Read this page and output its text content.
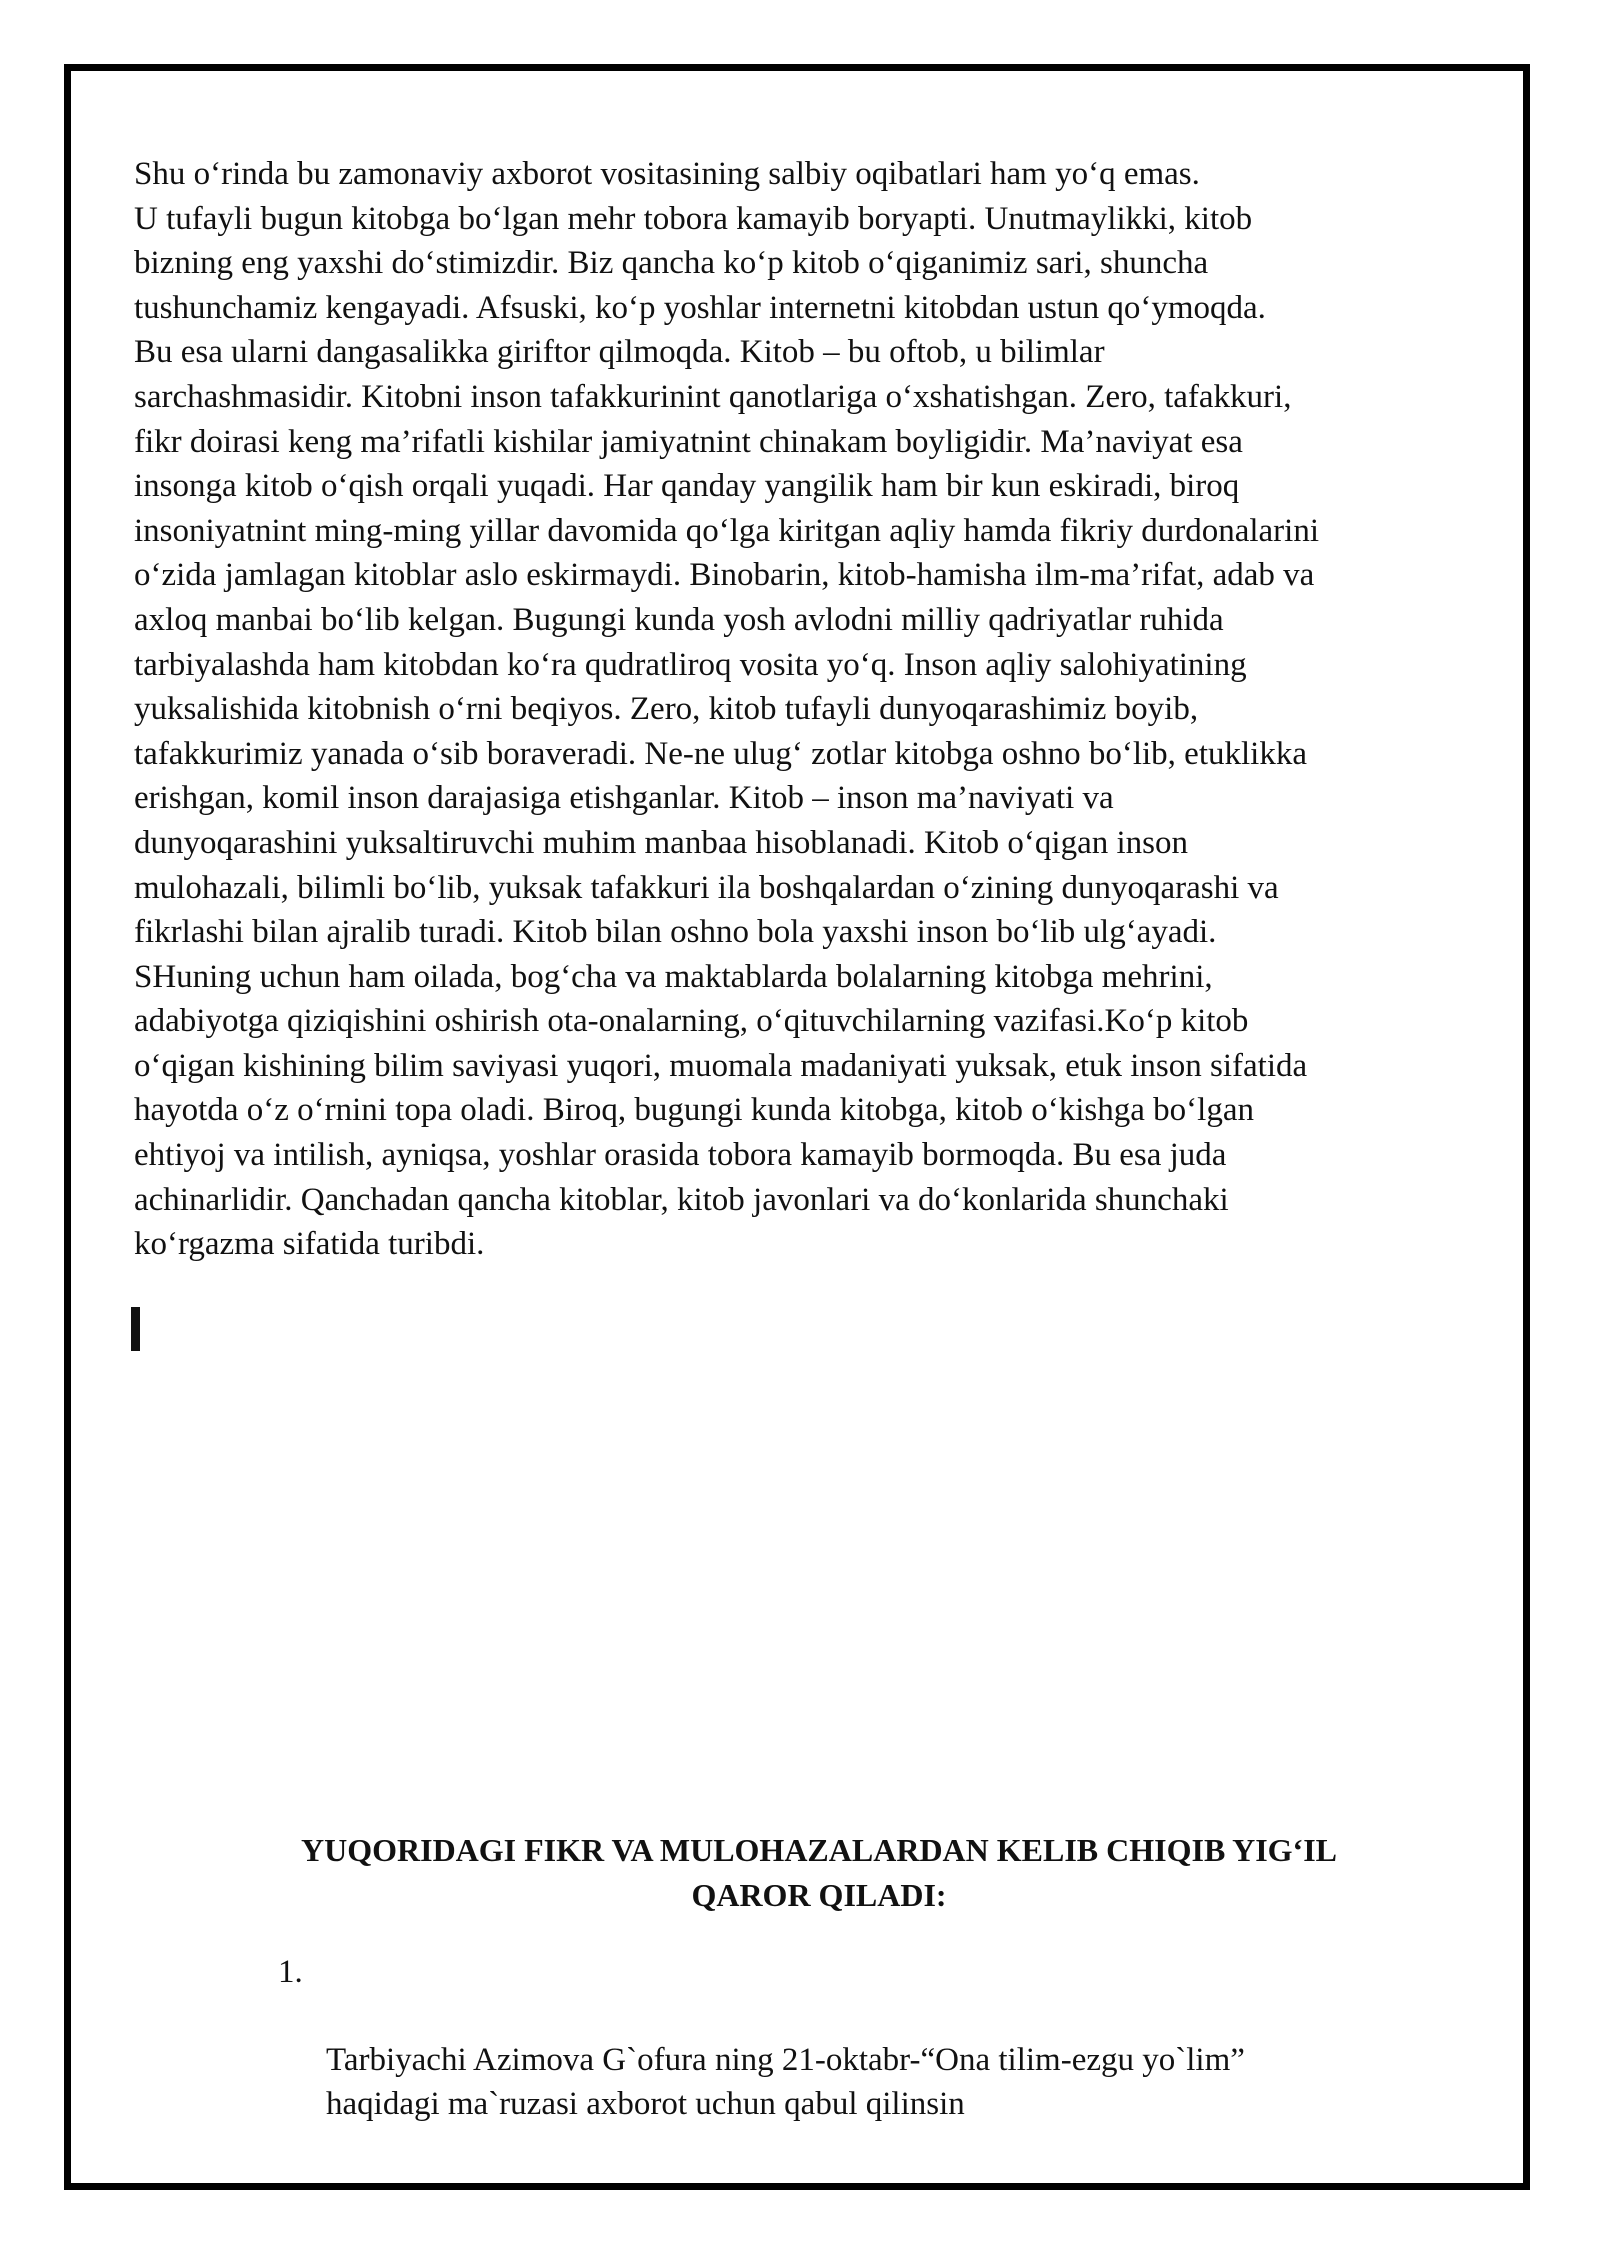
Shu o‘rinda bu zamonaviy axborot vositasining salbiy oqibatlari ham yo‘q emas.
U tufayli bugun kitobga bo‘lgan mehr tobora kamayib boryapti. Unutmaylikki, kitob
bizning eng yaxshi do‘stimizdir. Biz qancha ko‘p kitob o‘qiganimiz sari, shuncha
tushunchamiz kengayadi. Afsuski, ko‘p yoshlar internetni kitobdan ustun qo‘ymoqda.
Bu esa ularni dangasalikka giriftor qilmoqda. Kitob – bu oftob, u bilimlar
sarchashmasidir. Kitobni inson tafakkurinint qanotlariga o‘xshatishgan. Zero, tafakkuri,
fikr doirasi keng ma’rifatli kishilar jamiyatnint chinakam boyligidir. Ma’naviyat esa
insonga kitob o‘qish orqali yuqadi. Har qanday yangilik ham bir kun eskiradi, biroq
insoniyatnint ming-ming yillar davomida qo‘lga kiritgan aqliy hamda fikriy durdonalarini
o‘zida jamlagan kitoblar aslo eskirmaydi. Binobarin, kitob-hamisha ilm-ma’rifat, adab va
axloq manbai bo‘lib kelgan. Bugungi kunda yosh avlodni milliy qadriyatlar ruhida
tarbiyalashda ham kitobdan ko‘ra qudratliroq vosita yo‘q. Inson aqliy salohiyatining
yuksalishida kitobnish o‘rni beqiyos. Zero, kitob tufayli dunyoqarashimiz boyib,
tafakkurimiz yanada o‘sib boraveradi. Ne-ne ulug‘ zotlar kitobga oshno bo‘lib, etuklikka
erishgan, komil inson darajasiga etishganlar. Kitob – inson ma’naviyati va
dunyoqarashini yuksaltiruvchi muhim manbaa hisoblanadi. Kitob o‘qigan inson
mulohazali, bilimli bo‘lib, yuksak tafakkuri ila boshqalardan o‘zining dunyoqarashi va
fikrlashi bilan ajralib turadi. Kitob bilan oshno bola yaxshi inson bo‘lib ulg‘ayadi.
SHuning uchun ham oilada, bog‘cha va maktablarda bolalarning kitobga mehrini,
adabiyotga qiziqishini oshirish ota-onalarning, o‘qituvchilarning vazifasi.Ko‘p kitob
o‘qigan kishining bilim saviyasi yuqori, muomala madaniyati yuksak, etuk inson sifatida
hayotda o‘z o‘rnini topa oladi. Biroq, bugungi kunda kitobga, kitob o‘kishga bo‘lgan
ehtiyoj va intilish, ayniqsa, yoshlar orasida tobora kamayib bormoqda. Bu esa juda
achinarlidir. Qanchadan qancha kitoblar, kitob javonlari va do‘konlarida shunchaki
ko‘rgazma sifatida turibdi.

YUQORIDAGI FIKR VA MULOHAZALARDAN KELIB CHIQIB YIG‘IL
QAROR QILADI:

1.

Tarbiyachi Azimova G`ofura ning 21-oktabr-“Ona tilim-ezgu yo`lim”
haqidagi ma`ruzasi axborot uchun qabul qilinsin
